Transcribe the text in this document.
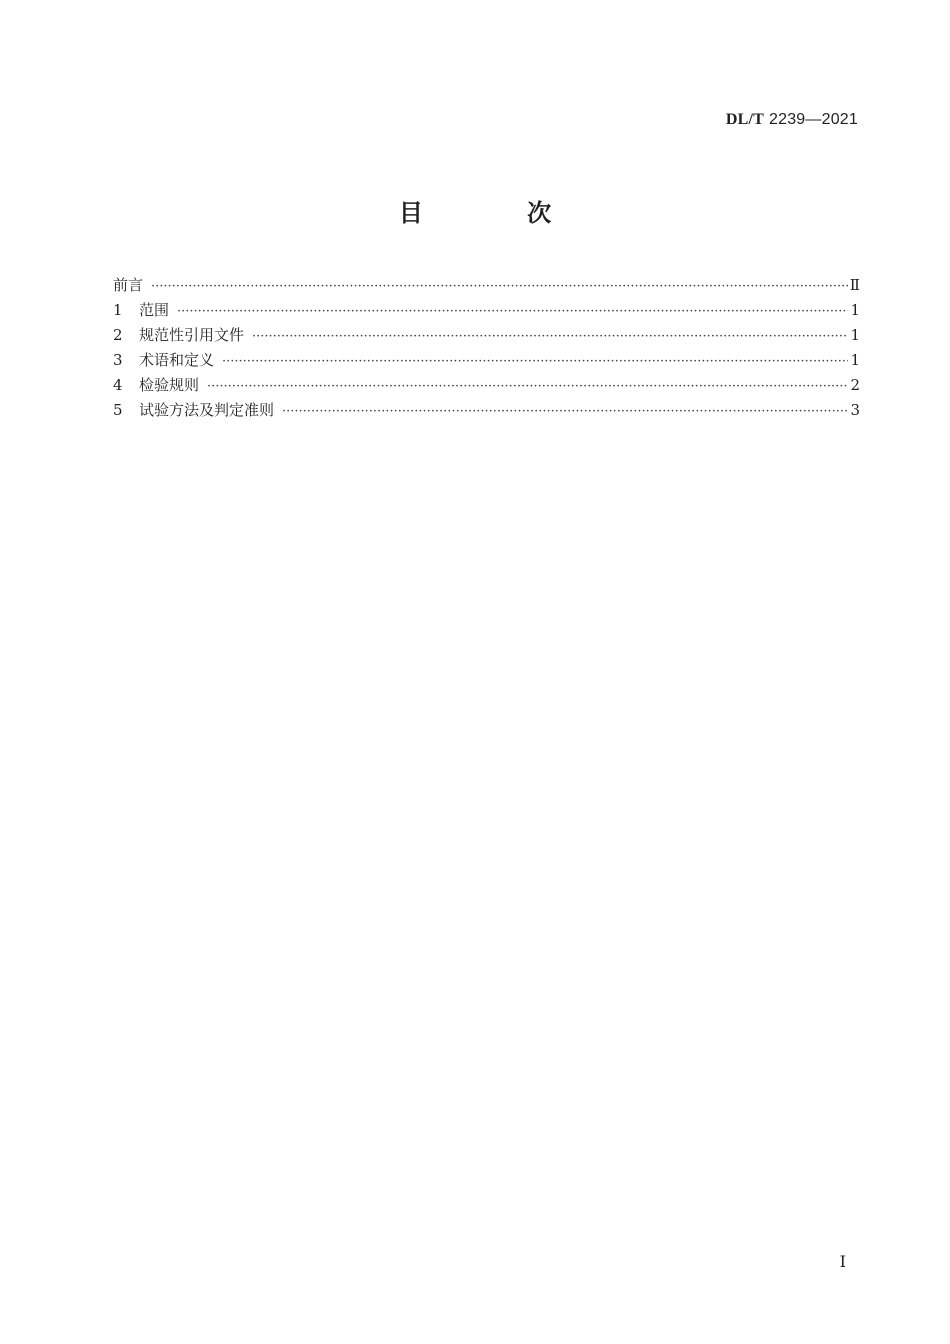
DL/T 2239—2021
目 次
前言 ·····	Ⅱ
1	范围 ·····	1
2	规范性引用文件 ·····	1
3	术语和定义 ·····	1
4	检验规则 ·····	2
5	试验方法及判定准则 ·····	3
Ⅰ
